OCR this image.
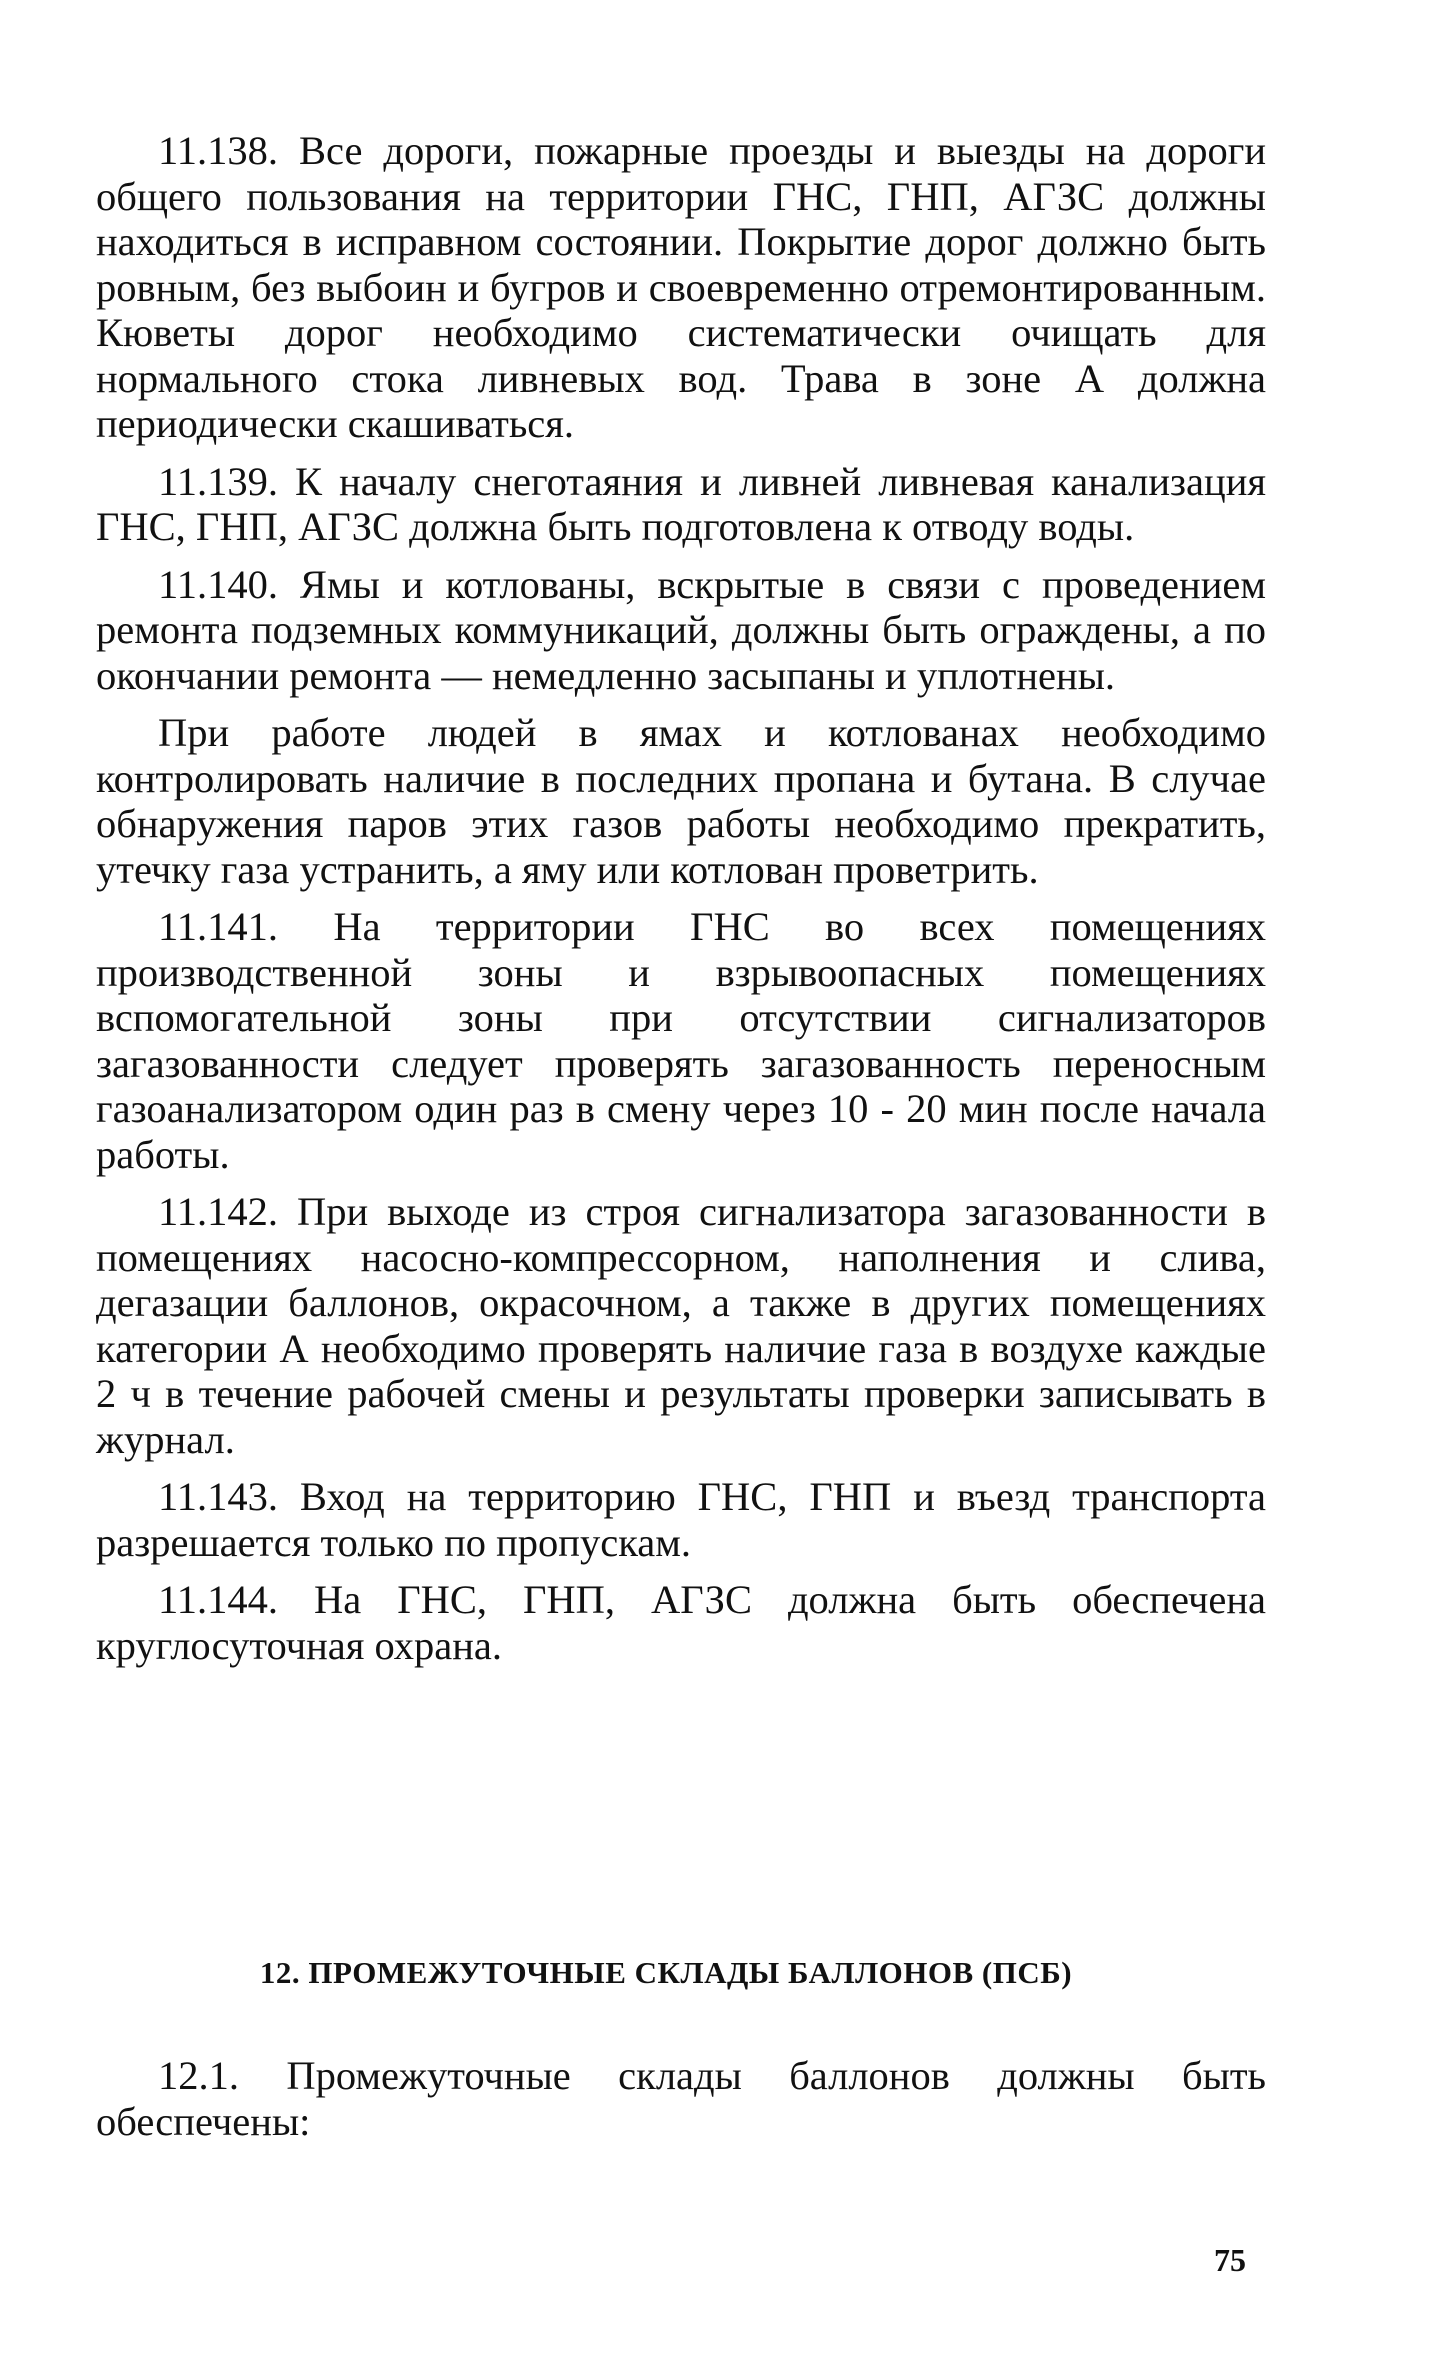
11.138. Все дороги, пожарные проезды и выезды на дороги общего пользования на территории ГНС, ГНП, АГЗС должны находиться в исправном состоянии. Покрытие дорог должно быть ровным, без выбоин и бугров и своевременно отремонтированным. Кюветы дорог необходимо систематически очищать для нормального стока ливневых вод. Трава в зоне А должна периодически скашиваться.

11.139. К началу снеготаяния и ливней ливневая канализация ГНС, ГНП, АГЗС должна быть подготовлена к отводу воды.

11.140. Ямы и котлованы, вскрытые в связи с проведением ремонта подземных коммуникаций, должны быть ограждены, а по окончании ремонта — немедленно засыпаны и уплотнены.

При работе людей в ямах и котлованах необходимо контролировать наличие в последних пропана и бутана. В случае обнаружения паров этих газов работы необходимо прекратить, утечку газа устранить, а яму или котлован проветрить.

11.141. На территории ГНС во всех помещениях производственной зоны и взрывоопасных помещениях вспомогательной зоны при отсутствии сигнализаторов загазованности следует проверять загазованность переносным газоанализатором один раз в смену через 10 - 20 мин после начала работы.

11.142. При выходе из строя сигнализатора загазованности в помещениях насосно-компрессорном, наполнения и слива, дегазации баллонов, окрасочном, а также в других помещениях категории А необходимо проверять наличие газа в воздухе каждые 2 ч в течение рабочей смены и результаты проверки записывать в журнал.

11.143. Вход на территорию ГНС, ГНП и въезд транспорта разрешается только по пропускам.

11.144. На ГНС, ГНП, АГЗС должна быть обеспечена круглосуточная охрана.

12. ПРОМЕЖУТОЧНЫЕ СКЛАДЫ БАЛЛОНОВ (ПСБ)

12.1. Промежуточные склады баллонов должны быть обеспечены:

75
